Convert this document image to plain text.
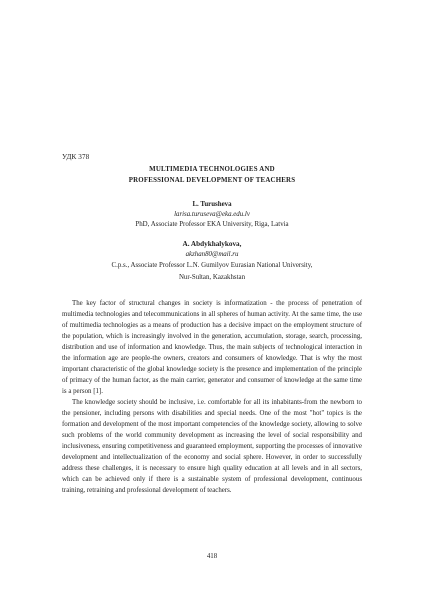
УДК 378
MULTIMEDIA TECHNOLOGIES AND
PROFESSIONAL DEVELOPMENT OF TEACHERS
L. Turusheva
larisa.turuseva@eka.edu.lv
PhD, Associate Professor EKA University, Riga, Latvia
A. Abdykhalykova,
akzhan80@mail.ru
C.p.s., Associate Professor L.N. Gumilyov Eurasian National University,
Nur-Sultan, Kazakhstan

The key factor of structural changes in society is informatization - the process of penetration of multimedia technologies and telecommunications in all spheres of human activity. At the same time, the use of multimedia technologies as a means of production has a decisive impact on the employment structure of the population, which is increasingly involved in the generation, accumulation, storage, search, processing, distribution and use of information and knowledge. Thus, the main subjects of technological interaction in the information age are people-the owners, creators and consumers of knowledge. That is why the most important characteristic of the global knowledge society is the presence and implementation of the principle of primacy of the human factor, as the main carrier, generator and consumer of knowledge at the same time is a person [1].

The knowledge society should be inclusive, i.e. comfortable for all its inhabitants-from the newborn to the pensioner, including persons with disabilities and special needs. One of the most "hot" topics is the formation and development of the most important competencies of the knowledge society, allowing to solve such problems of the world community development as increasing the level of social responsibility and inclusiveness, ensuring competitiveness and guaranteed employment, supporting the processes of innovative development and intellectualization of the economy and social sphere. However, in order to successfully address these challenges, it is necessary to ensure high quality education at all levels and in all sectors, which can be achieved only if there is a sustainable system of professional development, continuous training, retraining and professional development of teachers.

418
